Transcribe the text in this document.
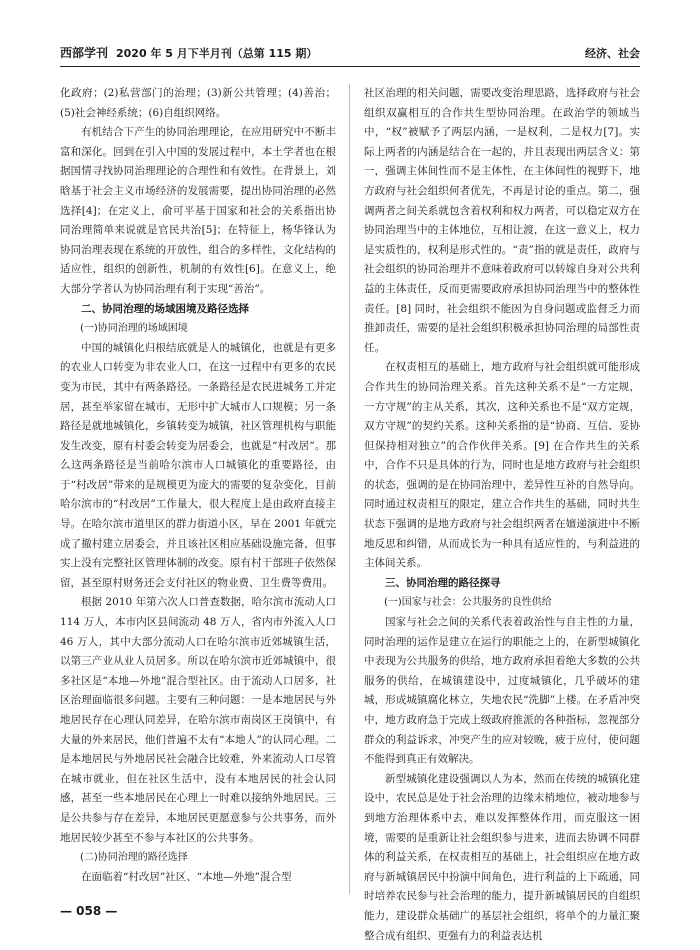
西部学刊 2020 年 5 月下半月刊（总第 115 期）	经济、社会

化政府；(2)私营部门的治理；(3)新公共管理；(4)善治；(5)社会神经系统；(6)自组织网络。

有机结合下产生的协同治理理论，在应用研究中不断丰富和深化。回到在引入中国的发展过程中，本土学者也在根据国情寻找协同治理理论的合理性和有效性。在背景上，刘晗基于社会主义市场经济的发展需要，提出协同治理的必然选择[4]；在定义上，俞可平基于国家和社会的关系指出协同治理简单来说就是官民共治[5]；在特征上，杨华锋认为协同治理表现在系统的开放性，组合的多样性，文化结构的适应性，组织的创新性，机制的有效性[6]。在意义上，绝大部分学者认为协同治理有利于实现“善治”。

二、协同治理的场域困境及路径选择

(一)协同治理的场域困境

中国的城镇化归根结底就是人的城镇化，也就是有更多的农业人口转变为非农业人口，在这一过程中有更多的农民变为市民，其中有两条路径。一条路径是农民进城务工并定居，甚至举家留在城市，无形中扩大城市人口规模；另一条路径是就地城镇化，乡镇转变为城镇，社区管理机构与职能发生改变，原有村委会转变为居委会，也就是“村改居”。那么这两条路径是当前哈尔滨市人口城镇化的重要路径，由于“村改居”带来的是规模更为庞大的需要的复杂变化，目前哈尔滨市的“村改居”工作量大，很大程度上是由政府直接主导。在哈尔滨市道里区的群力街道小区，早在 2001 年就完成了撤村建立居委会，并且该社区相应基础设施完备，但事实上没有完整社区管理体制的改变。原有村干部班子依然保留，甚至原村财务还会支付社区的物业费、卫生费等费用。

根据 2010 年第六次人口普查数据，哈尔滨市流动人口 114 万人，本市内区县间流动 48 万人，省内市外流入人口 46 万人，其中大部分流动人口在哈尔滨市近郊城镇生活，以第三产业从业人员居多。所以在哈尔滨市近郊城镇中，很多社区是“本地—外地”混合型社区。由于流动人口居多，社区治理面临很多问题。主要有三种问题：一是本地居民与外地居民存在心理认同差异，在哈尔滨市南岗区王岗镇中，有大量的外来居民，他们普遍不太有“本地人”的认同心理。二是本地居民与外地居民社会融合比较难，外来流动人口尽管在城市就业，但在社区生活中，没有本地居民的社会认同感，甚至一些本地居民在心理上一时难以接纳外地居民。三是公共参与存在差异，本地居民更愿意参与公共事务，而外地居民较少甚至不参与本社区的公共事务。

(二)协同治理的路径选择

在面临着“村改居”社区、“本地—外地”混合型

社区治理的相关问题，需要改变治理思路，选择政府与社会组织双赢相互的合作共生型协同治理。在政治学的领域当中，“权”被赋予了两层内涵，一是权利，二是权力[7]。实际上两者的内涵是结合在一起的，并且表现出两层含义：第一，强调主体间性而不是主体性，在主体间性的视野下，地方政府与社会组织何者优先，不再是讨论的重点。第二，强调两者之间关系就包含着权利和权力两者，可以稳定双方在协同治理当中的主体地位，互相让渡，在这一意义上，权力是实质性的，权利是形式性的。“责”指的就是责任，政府与社会组织的协同治理并不意味着政府可以转嫁自身对公共利益的主体责任，反而更需要政府承担协同治理当中的整体性责任。[8] 同时，社会组织不能因为自身问题或监督乏力而推卸责任，需要的是社会组织积极承担协同治理的局部性责任。

在权责相互的基础上，地方政府与社会组织就可能形成合作共生的协同治理关系。首先这种关系不是“一方定规，一方守规”的主从关系，其次，这种关系也不是“双方定规，双方守规”的契约关系。这种关系指的是“协商、互信、妥协但保持相对独立”的合作伙伴关系。[9] 在合作共生的关系中，合作不只是具体的行为，同时也是地方政府与社会组织的状态，强调的是在协同治理中，差异性互补的自然导向。同时通过权责相互的限定，建立合作共生的基础，同时共生状态下强调的是地方政府与社会组织两者在嬗递演进中不断地反思和纠错，从而成长为一种具有适应性的，与利益进的主体间关系。

三、协同治理的路径探寻

(一)国家与社会：公共服务的良性供给

国家与社会之间的关系代表着政治性与自主性的力量，同时治理的运作是建立在运行的职能之上的，在新型城镇化中表现为公共服务的供给，地方政府承担着绝大多数的公共服务的供给，在城镇建设中，过度城镇化，几乎破坏的建城，形成城镇腐化林立，失地农民“洗脚”上楼。在矛盾冲突中，地方政府急于完成上级政府推派的各种指标，忽视部分群众的利益诉求，冲突产生的应对较晚，疲于应付，使问题不能得到真正有效解决。

新型城镇化建设强调以人为本，然而在传统的城镇化建设中，农民总是处于社会治理的边缘末梢地位，被动地参与到地方治理体系中去，难以发挥整体作用，而克服这一困境，需要的是重新让社会组织参与进来，进而去协调不同群体的利益关系，在权责相互的基础上，社会组织应在地方政府与新城镇居民中扮演中间角色，进行利益的上下疏通，同时培养农民参与社会治理的能力，提升新城镇居民的自组织能力，建设群众基础广的基层社会组织，将单个的力量汇聚整合成有组织、更强有力的利益表达机

— 058 —
